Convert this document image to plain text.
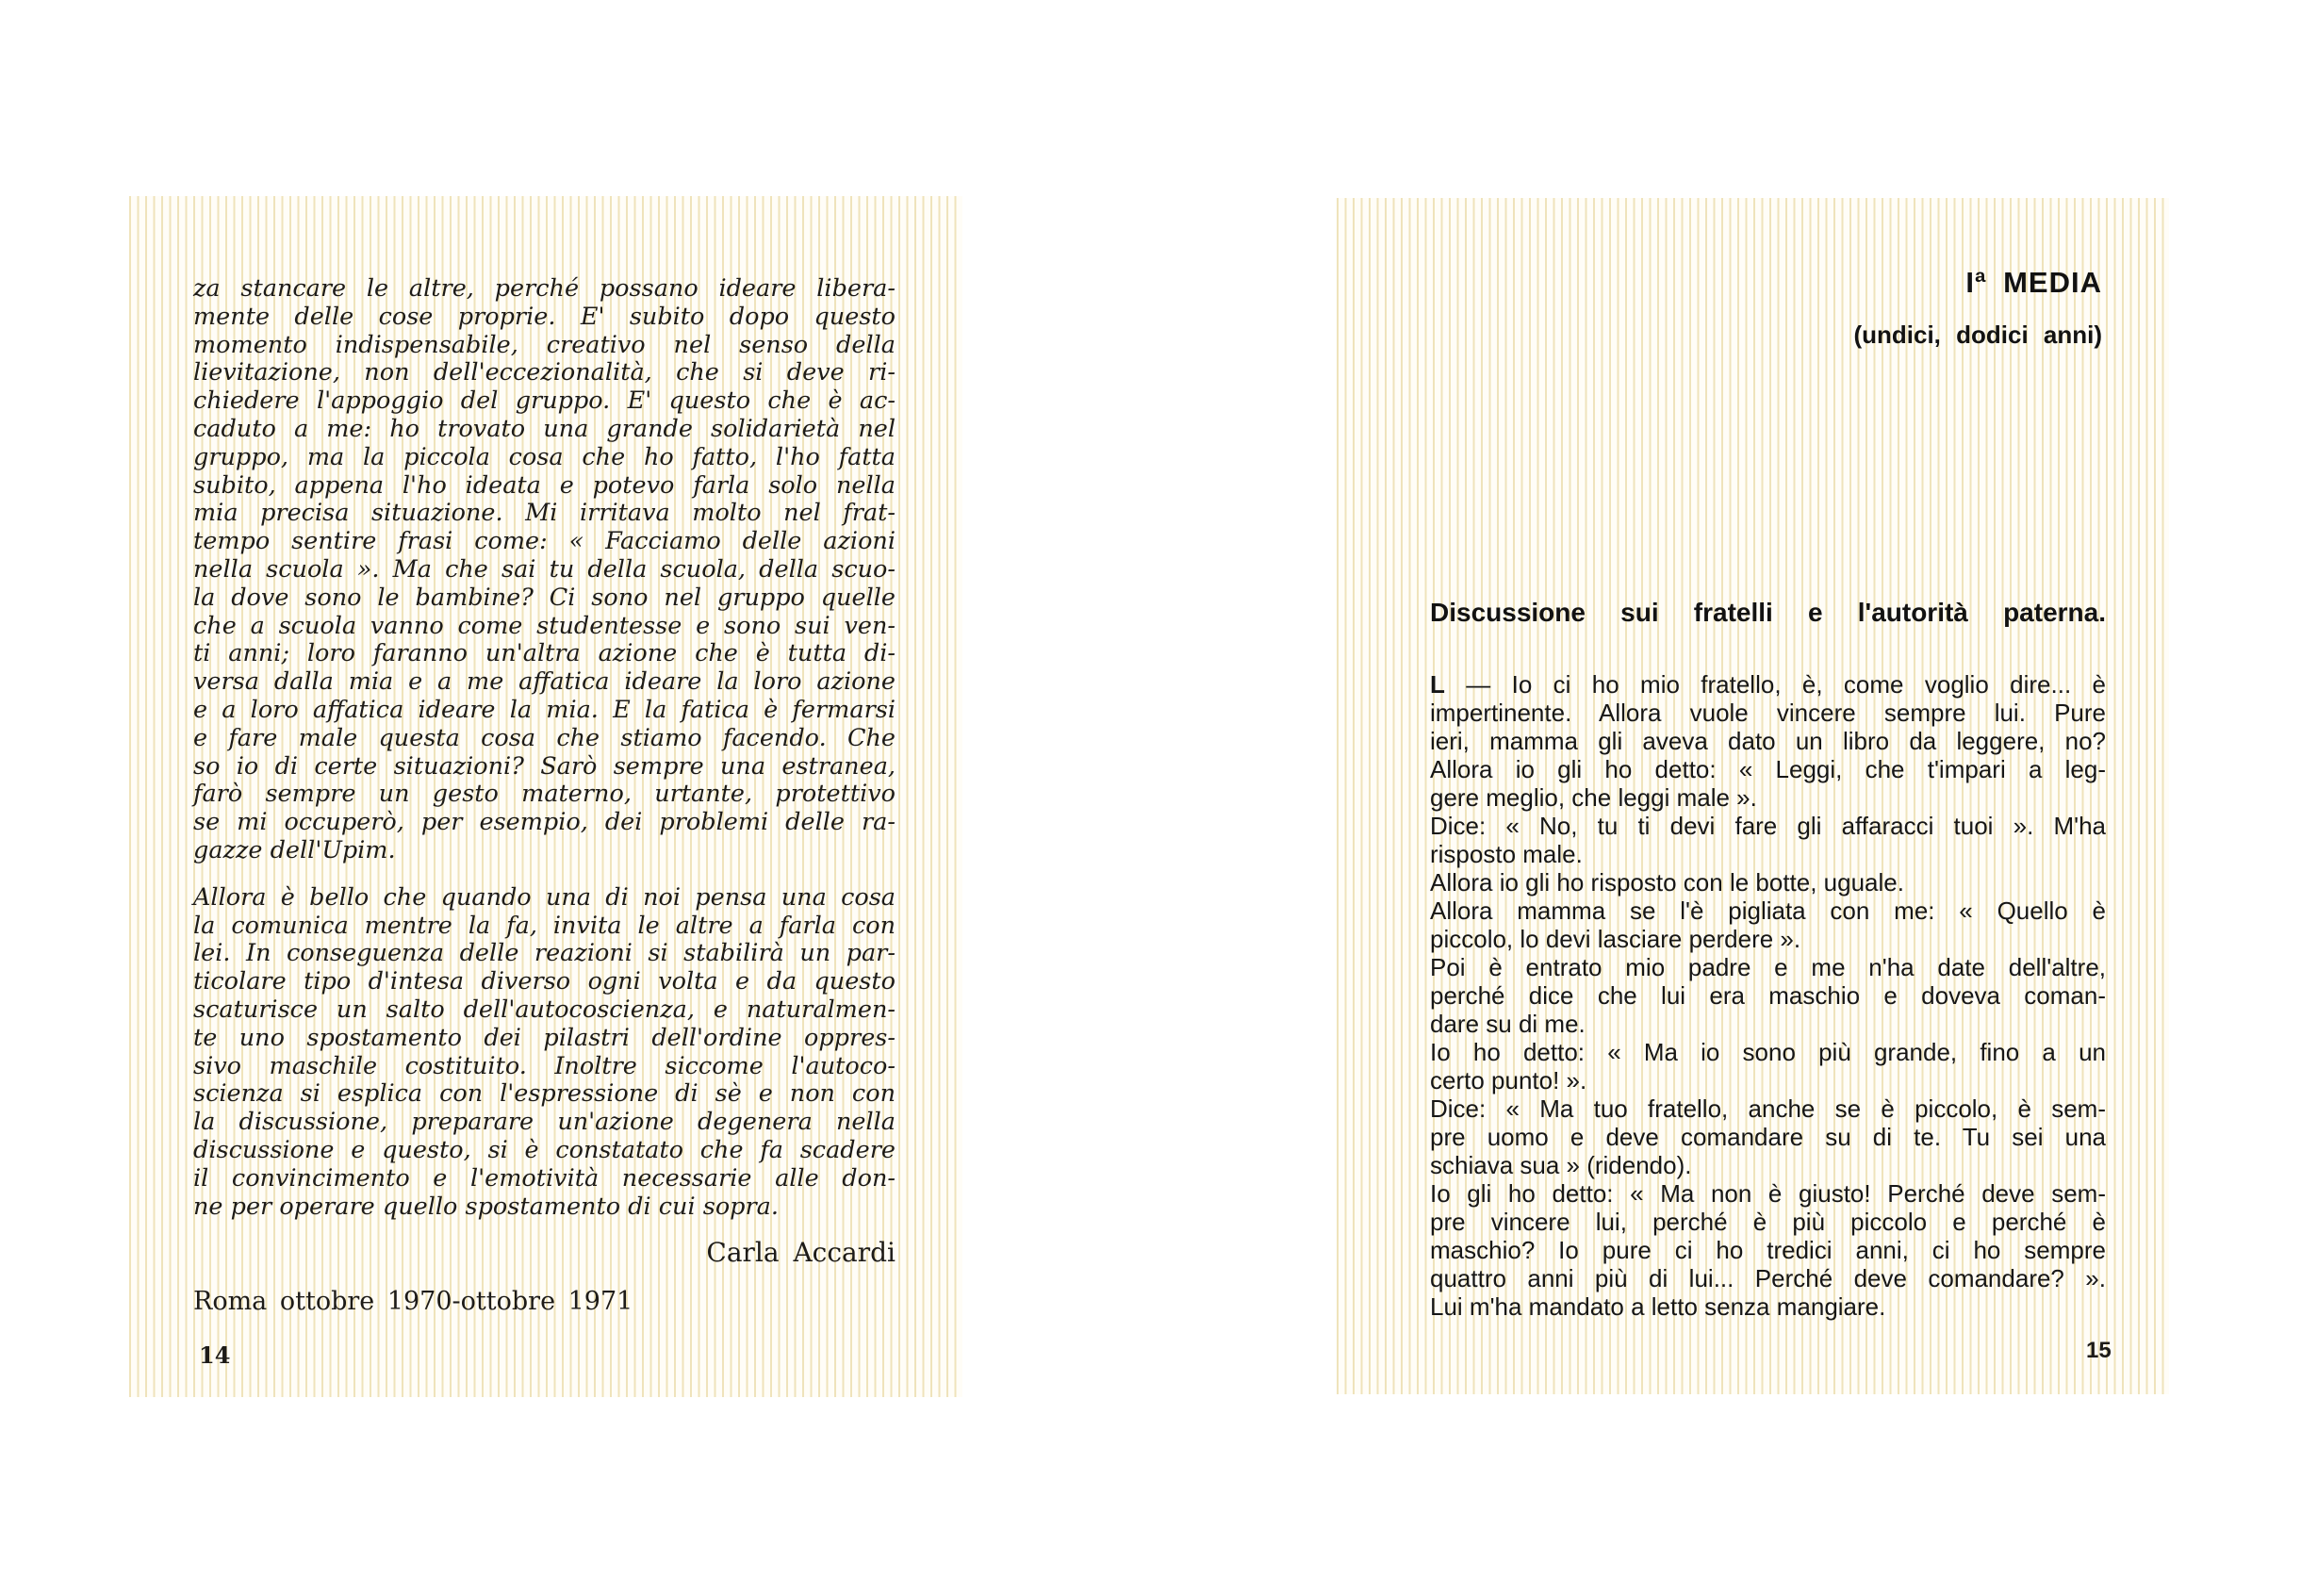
za stancare le altre, perché possano ideare libera-
mente delle cose proprie. E' subito dopo questo
momento indispensabile, creativo nel senso della
lievitazione, non dell'eccezionalità, che si deve ri-
chiedere l'appoggio del gruppo. E' questo che è ac-
caduto a me: ho trovato una grande solidarietà nel
gruppo, ma la piccola cosa che ho fatto, l'ho fatta
subito, appena l'ho ideata e potevo farla solo nella
mia precisa situazione. Mi irritava molto nel frat-
tempo sentire frasi come: « Facciamo delle azioni
nella scuola ». Ma che sai tu della scuola, della scuo-
la dove sono le bambine? Ci sono nel gruppo quelle
che a scuola vanno come studentesse e sono sui ven-
ti anni; loro faranno un'altra azione che è tutta di-
versa dalla mia e a me affatica ideare la loro azione
e a loro affatica ideare la mia. E la fatica è fermarsi
e fare male questa cosa che stiamo facendo. Che
so io di certe situazioni? Sarò sempre una estranea,
farò sempre un gesto materno, urtante, protettivo
se mi occuperò, per esempio, dei problemi delle ra-
gazze dell'Upim.
Allora è bello che quando una di noi pensa una cosa
la comunica mentre la fa, invita le altre a farla con
lei. In conseguenza delle reazioni si stabilirà un par-
ticolare tipo d'intesa diverso ogni volta e da questo
scaturisce un salto dell'autocoscienza, e naturalmen-
te uno spostamento dei pilastri dell'ordine oppres-
sivo maschile costituito. Inoltre siccome l'autoco-
scienza si esplica con l'espressione di sè e non con
la discussione, preparare un'azione degenera nella
discussione e questo, si è constatato che fa scadere
il convincimento e l'emotività necessarie alle don-
ne per operare quello spostamento di cui sopra.
Carla Accardi
Roma ottobre 1970-ottobre 1971
14
Iª MEDIA
(undici, dodici anni)
Discussione sui fratelli e l'autorità paterna.
L — Io ci ho mio fratello, è, come voglio dire... è
impertinente. Allora vuole vincere sempre lui. Pure
ieri, mamma gli aveva dato un libro da leggere, no?
Allora io gli ho detto: « Leggi, che t'impari a leg-
gere meglio, che leggi male ».
Dice: « No, tu ti devi fare gli affaracci tuoi ». M'ha
risposto male.
Allora io gli ho risposto con le botte, uguale.
Allora mamma se l'è pigliata con me: « Quello è
piccolo, lo devi lasciare perdere ».
Poi è entrato mio padre e me n'ha date dell'altre,
perché dice che lui era maschio e doveva coman-
dare su di me.
Io ho detto: « Ma io sono più grande, fino a un
certo punto! ».
Dice: « Ma tuo fratello, anche se è piccolo, è sem-
pre uomo e deve comandare su di te. Tu sei una
schiava sua » (ridendo).
Io gli ho detto: « Ma non è giusto! Perché deve sem-
pre vincere lui, perché è più piccolo e perché è
maschio? Io pure ci ho tredici anni, ci ho sempre
quattro anni più di lui... Perché deve comandare? ».
Lui m'ha mandato a letto senza mangiare.
15
